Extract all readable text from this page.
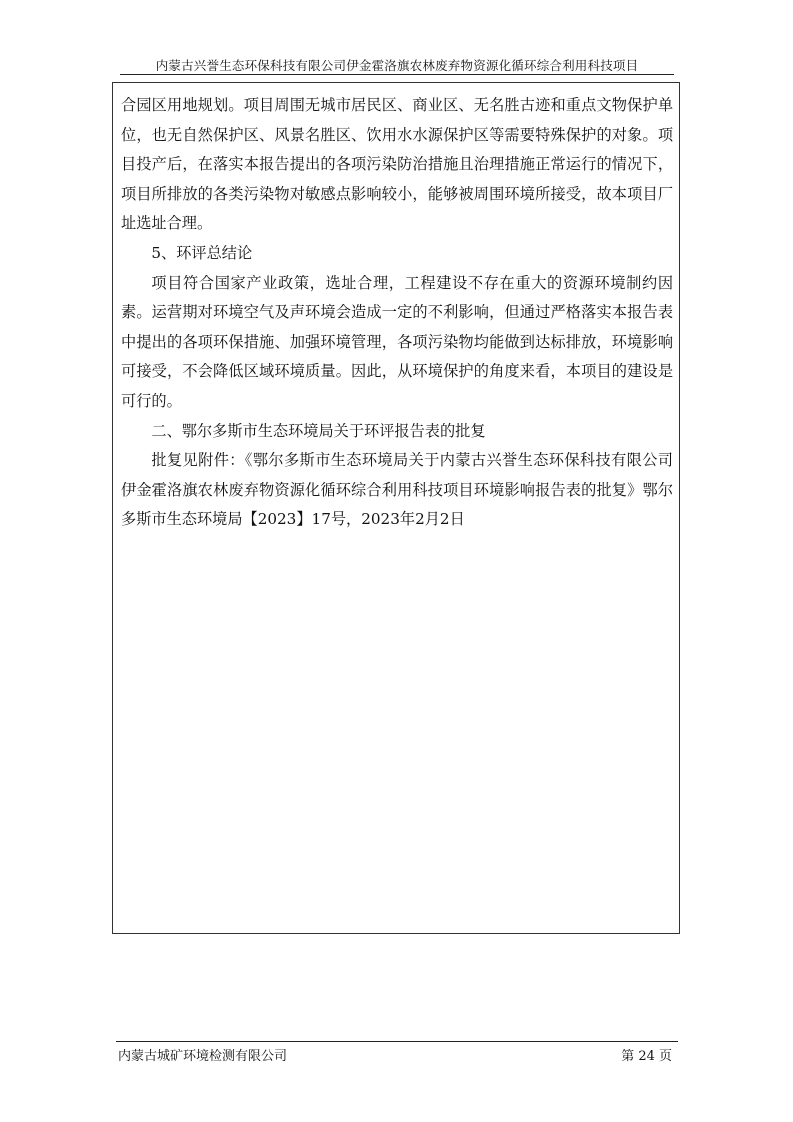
内蒙古兴誉生态环保科技有限公司伊金霍洛旗农林废弃物资源化循环综合利用科技项目

合园区用地规划。项目周围无城市居民区、商业区、无名胜古迹和重点文物保护单位，也无自然保护区、风景名胜区、饮用水水源保护区等需要特殊保护的对象。项目投产后，在落实本报告提出的各项污染防治措施且治理措施正常运行的情况下，项目所排放的各类污染物对敏感点影响较小，能够被周围环境所接受，故本项目厂址选址合理。

5、环评总结论

项目符合国家产业政策，选址合理，工程建设不存在重大的资源环境制约因素。运营期对环境空气及声环境会造成一定的不利影响，但通过严格落实本报告表中提出的各项环保措施、加强环境管理，各项污染物均能做到达标排放，环境影响可接受，不会降低区域环境质量。因此，从环境保护的角度来看，本项目的建设是可行的。

二、鄂尔多斯市生态环境局关于环评报告表的批复

批复见附件：《鄂尔多斯市生态环境局关于内蒙古兴誉生态环保科技有限公司伊金霍洛旗农林废弃物资源化循环综合利用科技项目环境影响报告表的批复》鄂尔多斯市生态环境局【2023】17号，2023年2月2日

内蒙古城矿环境检测有限公司	第 24 页
